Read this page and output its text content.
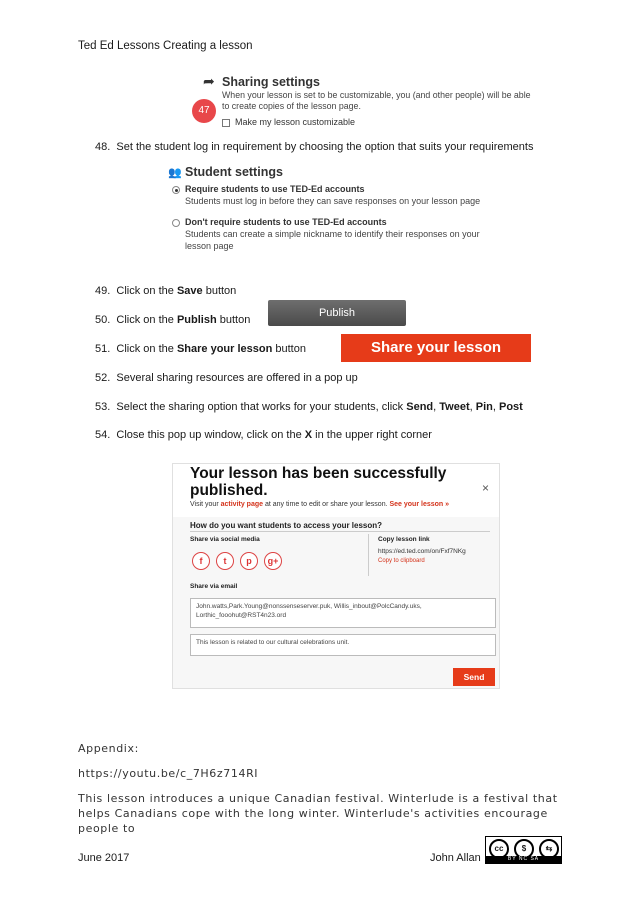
Ted Ed Lessons Creating a lesson
➦ Sharing settings
When your lesson is set to be customizable, you (and other people) will be able to create copies of the lesson page.
47
Make my lesson customizable
48. Set the student log in requirement by choosing the option that suits your requirements
👥 Student settings
Require students to use TED-Ed accounts
Students must log in before they can save responses on your lesson page
Don't require students to use TED-Ed accounts
Students can create a simple nickname to identify their responses on your lesson page
49. Click on the Save button
50. Click on the Publish button
Publish
51. Click on the Share your lesson button	Share your lesson
52. Several sharing resources are offered in a pop up
53. Select the sharing option that works for your students, click Send, Tweet, Pin, Post
54. Close this pop up window, click on the X in the upper right corner
Your lesson has been successfully published.	×
Visit your activity page at any time to edit or share your lesson. See your lesson »
How do you want students to access your lesson?
Share via social media
f	t	p	g+
Copy lesson link
https://ed.ted.com/on/Fxf7NKg
Copy to clipboard
Share via email
John.watts,Park.Young@nonssenseserver.puk, Willis_inbout@PolcCandy.uks, Lorthic_fooohut@RST4n23.ord
This lesson is related to our cultural celebrations unit.
Send
Appendix:
https://youtu.be/c_7H6z714RI
This lesson introduces a unique Canadian festival. Winterlude is a festival that helps Canadians cope with the long winter. Winterlude's activities encourage people to
June 2017	John Allan
cc	$	⇆
BY NC SA
